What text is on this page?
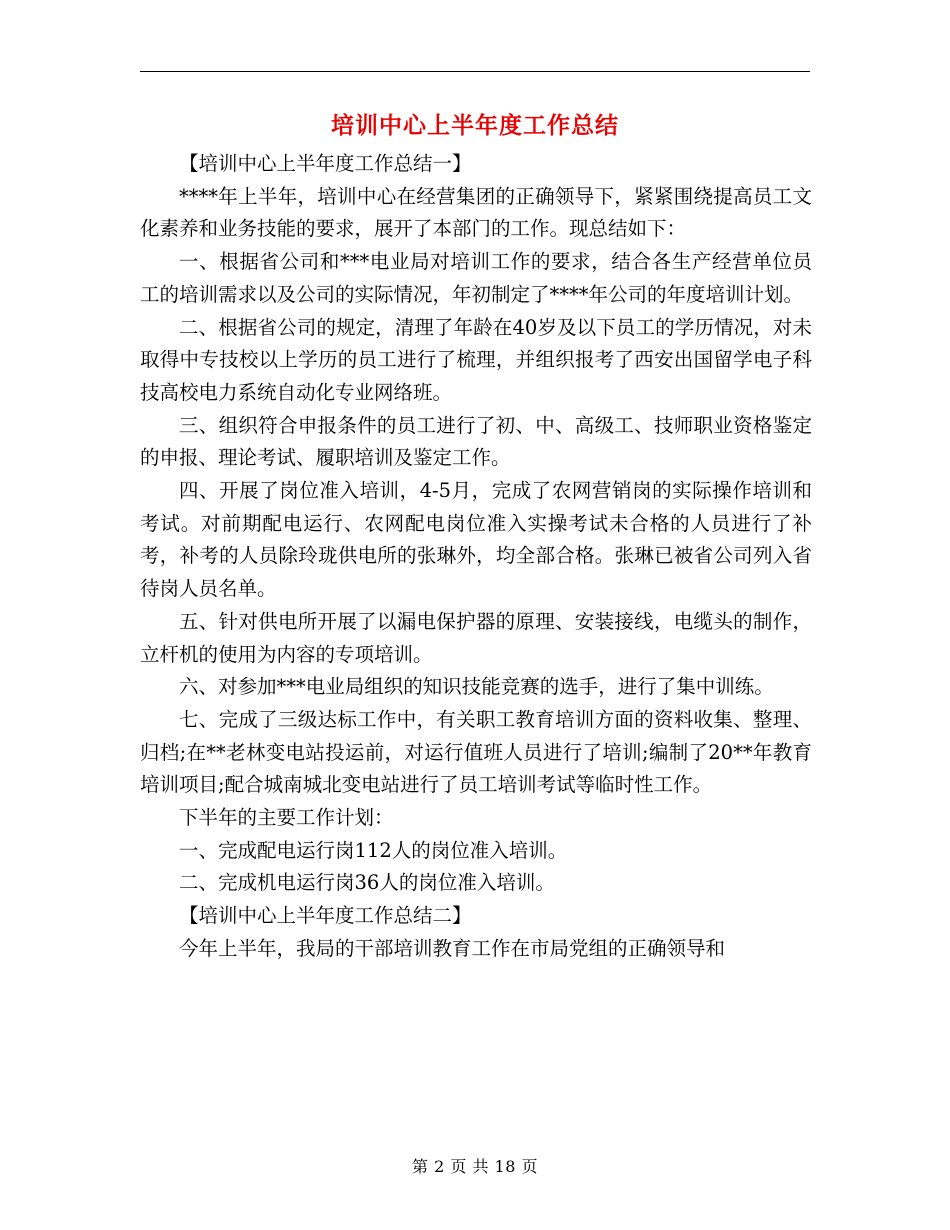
培训中心上半年度工作总结

【培训中心上半年度工作总结一】

****年上半年，培训中心在经营集团的正确领导下，紧紧围绕提高员工文化素养和业务技能的要求，展开了本部门的工作。现总结如下：

一、根据省公司和***电业局对培训工作的要求，结合各生产经营单位员工的培训需求以及公司的实际情况，年初制定了****年公司的年度培训计划。

二、根据省公司的规定，清理了年龄在40岁及以下员工的学历情况，对未取得中专技校以上学历的员工进行了梳理，并组织报考了西安出国留学电子科技高校电力系统自动化专业网络班。

三、组织符合申报条件的员工进行了初、中、高级工、技师职业资格鉴定的申报、理论考试、履职培训及鉴定工作。

四、开展了岗位准入培训，4-5月，完成了农网营销岗的实际操作培训和考试。对前期配电运行、农网配电岗位准入实操考试未合格的人员进行了补考，补考的人员除玲珑供电所的张琳外，均全部合格。张琳已被省公司列入省待岗人员名单。

五、针对供电所开展了以漏电保护器的原理、安装接线，电缆头的制作，立杆机的使用为内容的专项培训。

六、对参加***电业局组织的知识技能竞赛的选手，进行了集中训练。

七、完成了三级达标工作中，有关职工教育培训方面的资料收集、整理、归档;在**老林变电站投运前，对运行值班人员进行了培训;编制了20**年教育培训项目;配合城南城北变电站进行了员工培训考试等临时性工作。

下半年的主要工作计划：

一、完成配电运行岗112人的岗位准入培训。

二、完成机电运行岗36人的岗位准入培训。

【培训中心上半年度工作总结二】

今年上半年，我局的干部培训教育工作在市局党组的正确领导和

第 2 页 共 18 页
